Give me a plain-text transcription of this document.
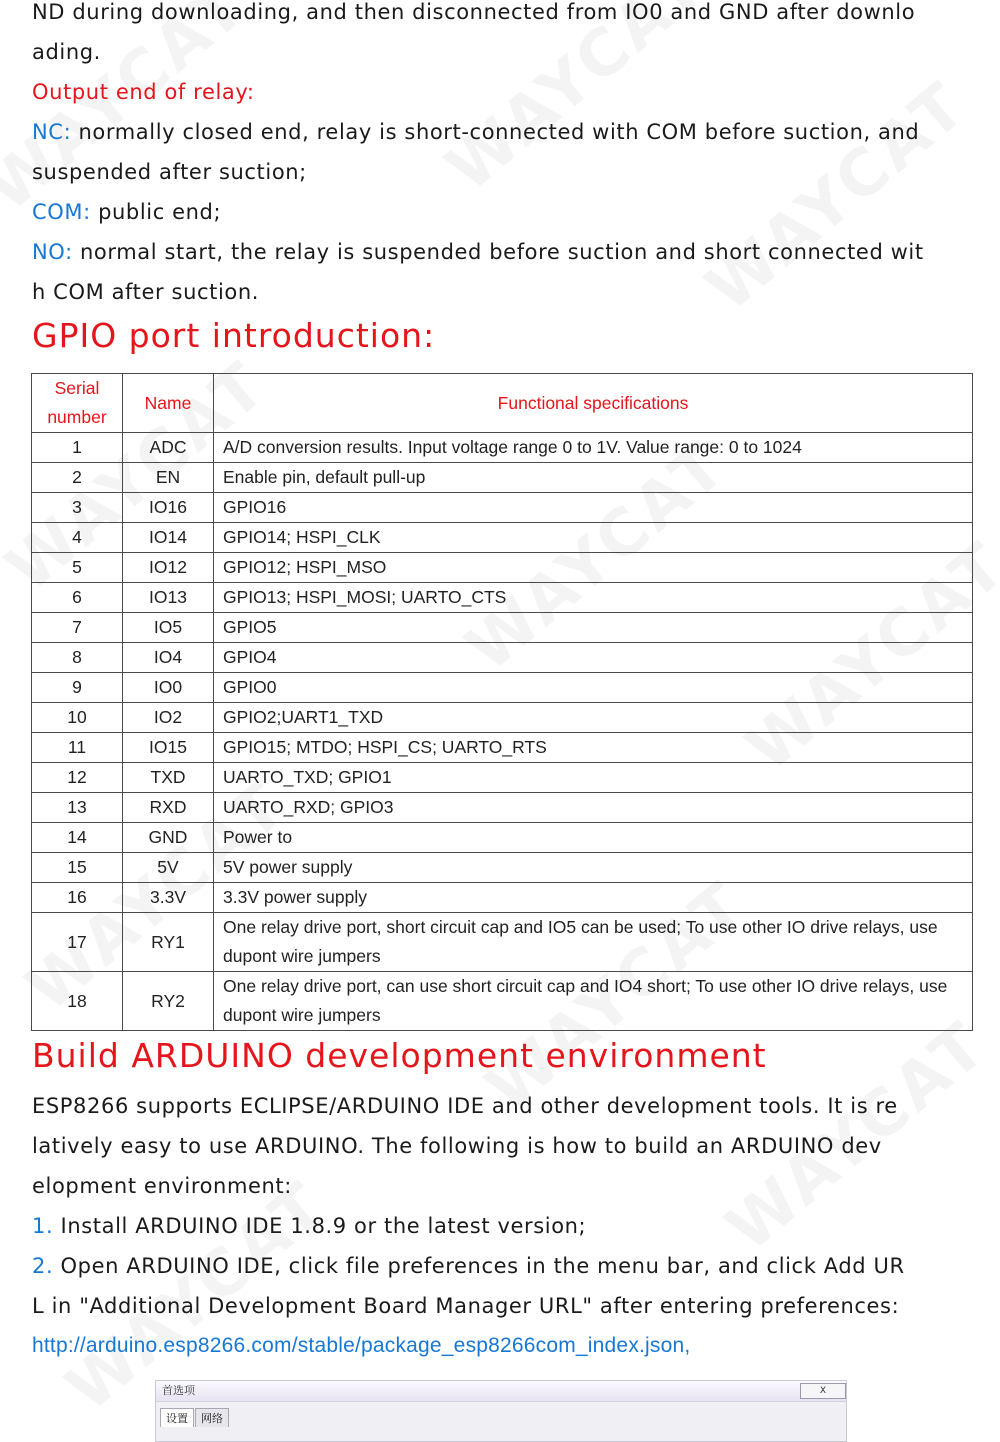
ND during downloading, and then disconnected from IO0 and GND after downlo
ading.
Output end of relay:
NC: normally closed end, relay is short-connected with COM before suction, and
suspended after suction;
COM: public end;
NO: normal start, the relay is suspended before suction and short connected wit
h COM after suction.
GPIO port introduction:
Serial number	Name	Functional specifications
1	ADC	A/D conversion results. Input voltage range 0 to 1V. Value range: 0 to 1024
2	EN	Enable pin, default pull-up
3	IO16	GPIO16
4	IO14	GPIO14; HSPI_CLK
5	IO12	GPIO12; HSPI_MSO
6	IO13	GPIO13; HSPI_MOSI; UARTO_CTS
7	IO5	GPIO5
8	IO4	GPIO4
9	IO0	GPIO0
10	IO2	GPIO2;UART1_TXD
11	IO15	GPIO15; MTDO; HSPI_CS; UARTO_RTS
12	TXD	UARTO_TXD; GPIO1
13	RXD	UARTO_RXD; GPIO3
14	GND	Power to
15	5V	5V power supply
16	3.3V	3.3V power supply
17	RY1	One relay drive port, short circuit cap and IO5 can be used; To use other IO drive relays, use dupont wire jumpers
18	RY2	One relay drive port, can use short circuit cap and IO4 short; To use other IO drive relays, use dupont wire jumpers
Build ARDUINO development environment
ESP8266 supports ECLIPSE/ARDUINO IDE and other development tools. It is re
latively easy to use ARDUINO. The following is how to build an ARDUINO dev
elopment environment:
1. Install ARDUINO IDE 1.8.9 or the latest version;
2. Open ARDUINO IDE, click file preferences in the menu bar, and click Add UR
L in "Additional Development Board Manager URL" after entering preferences:
http://arduino.esp8266.com/stable/package_esp8266com_index.json,
首选项	X
设置 网络
